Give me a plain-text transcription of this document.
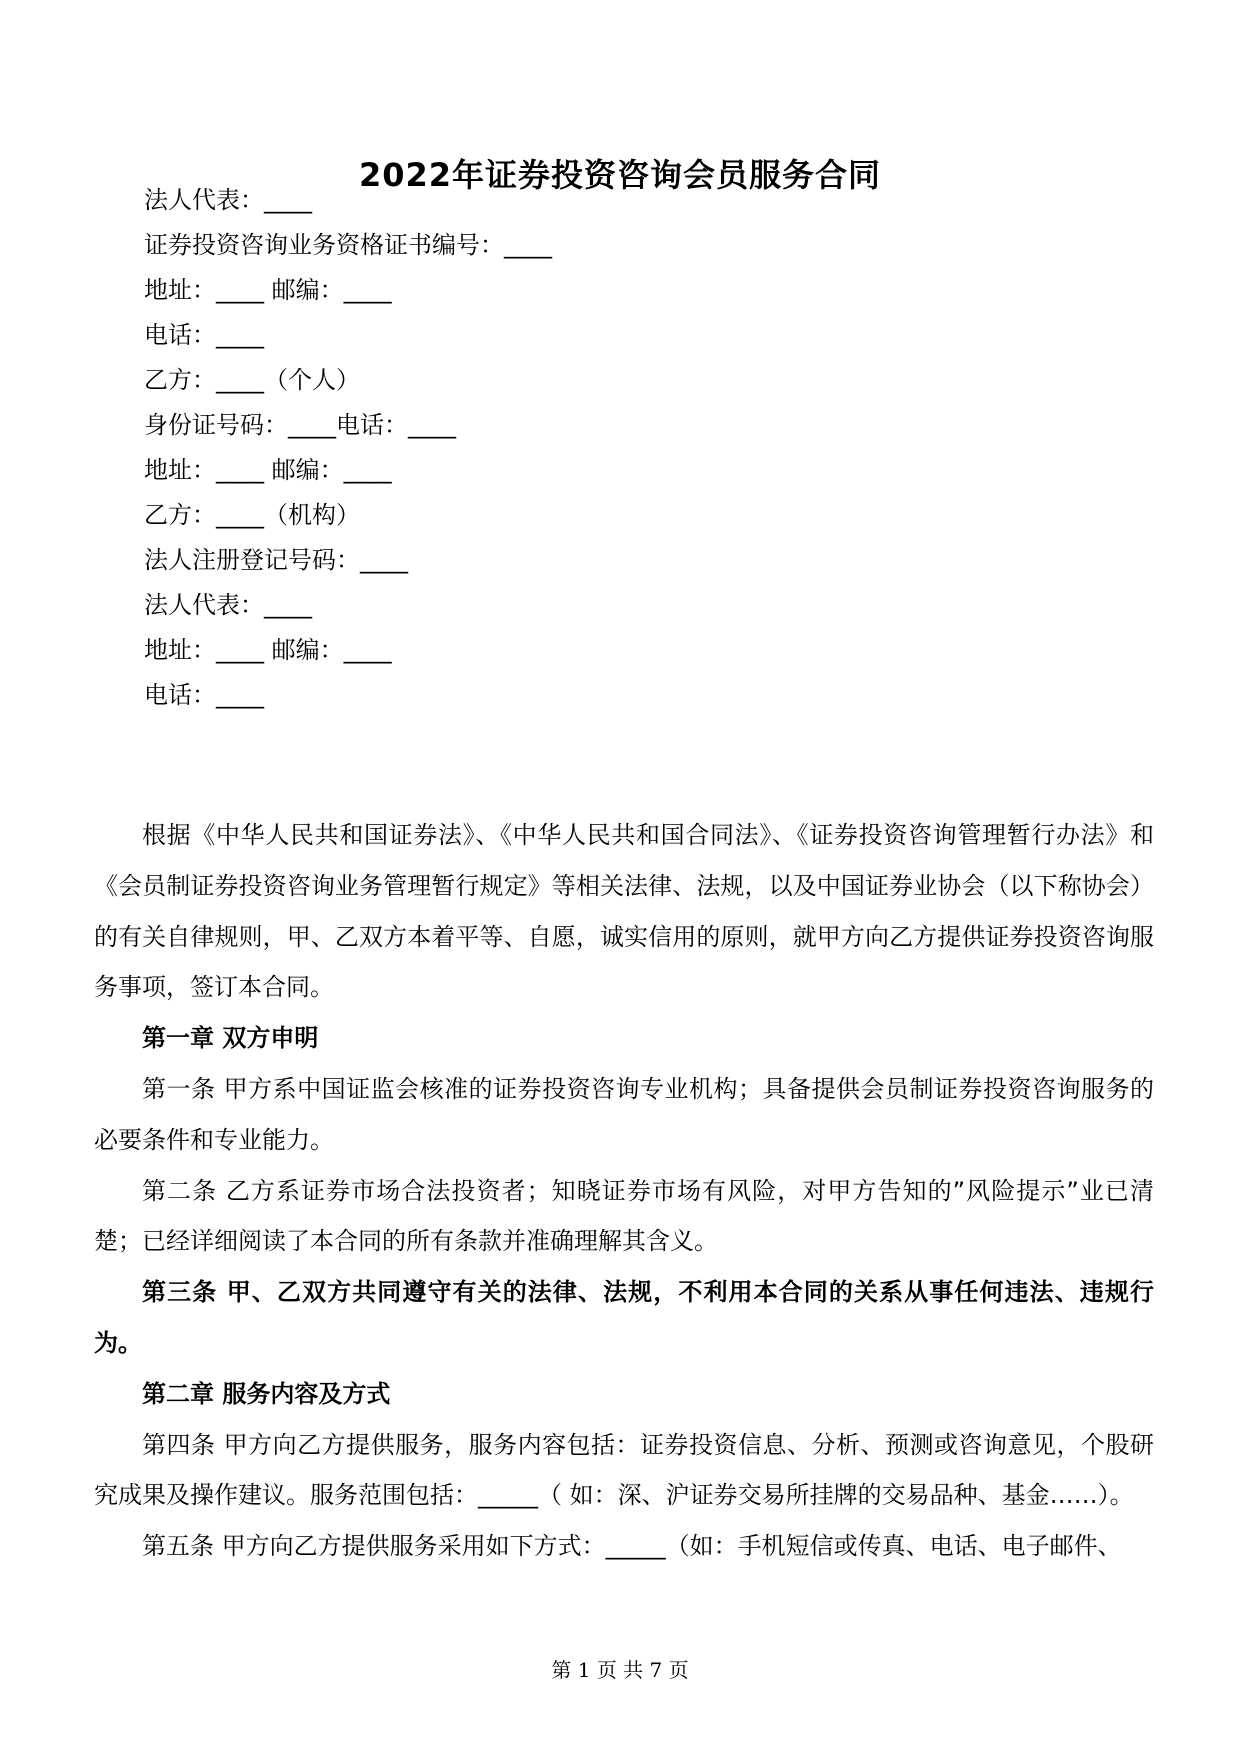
2022年证券投资咨询会员服务合同

法人代表：____

证券投资咨询业务资格证书编号：____

地址：____ 邮编：____

电话：____

乙方：____（个人）

身份证号码：____电话：____

地址：____ 邮编：____

乙方：____（机构）

法人注册登记号码：____

法人代表：____

地址：____ 邮编：____

电话：____

根据《中华人民共和国证券法》、《中华人民共和国合同法》、《证券投资咨询管理暂行办法》和《会员制证券投资咨询业务管理暂行规定》等相关法律、法规，以及中国证券业协会（以下称协会）的有关自律规则，甲、乙双方本着平等、自愿，诚实信用的原则，就甲方向乙方提供证券投资咨询服务事项，签订本合同。

第一章 双方申明

第一条 甲方系中国证监会核准的证券投资咨询专业机构；具备提供会员制证券投资咨询服务的必要条件和专业能力。

第二条 乙方系证券市场合法投资者；知晓证券市场有风险，对甲方告知的”风险提示”业已清楚；已经详细阅读了本合同的所有条款并准确理解其含义。

第三条 甲、乙双方共同遵守有关的法律、法规，不利用本合同的关系从事任何违法、违规行为。

第二章 服务内容及方式

第四条 甲方向乙方提供服务，服务内容包括：证券投资信息、分析、预测或咨询意见，个股研究成果及操作建议。服务范围包括：_____（ 如：深、沪证券交易所挂牌的交易品种、基金……）。

第五条 甲方向乙方提供服务采用如下方式：_____（如：手机短信或传真、电话、电子邮件、

第 1 页 共 7 页
